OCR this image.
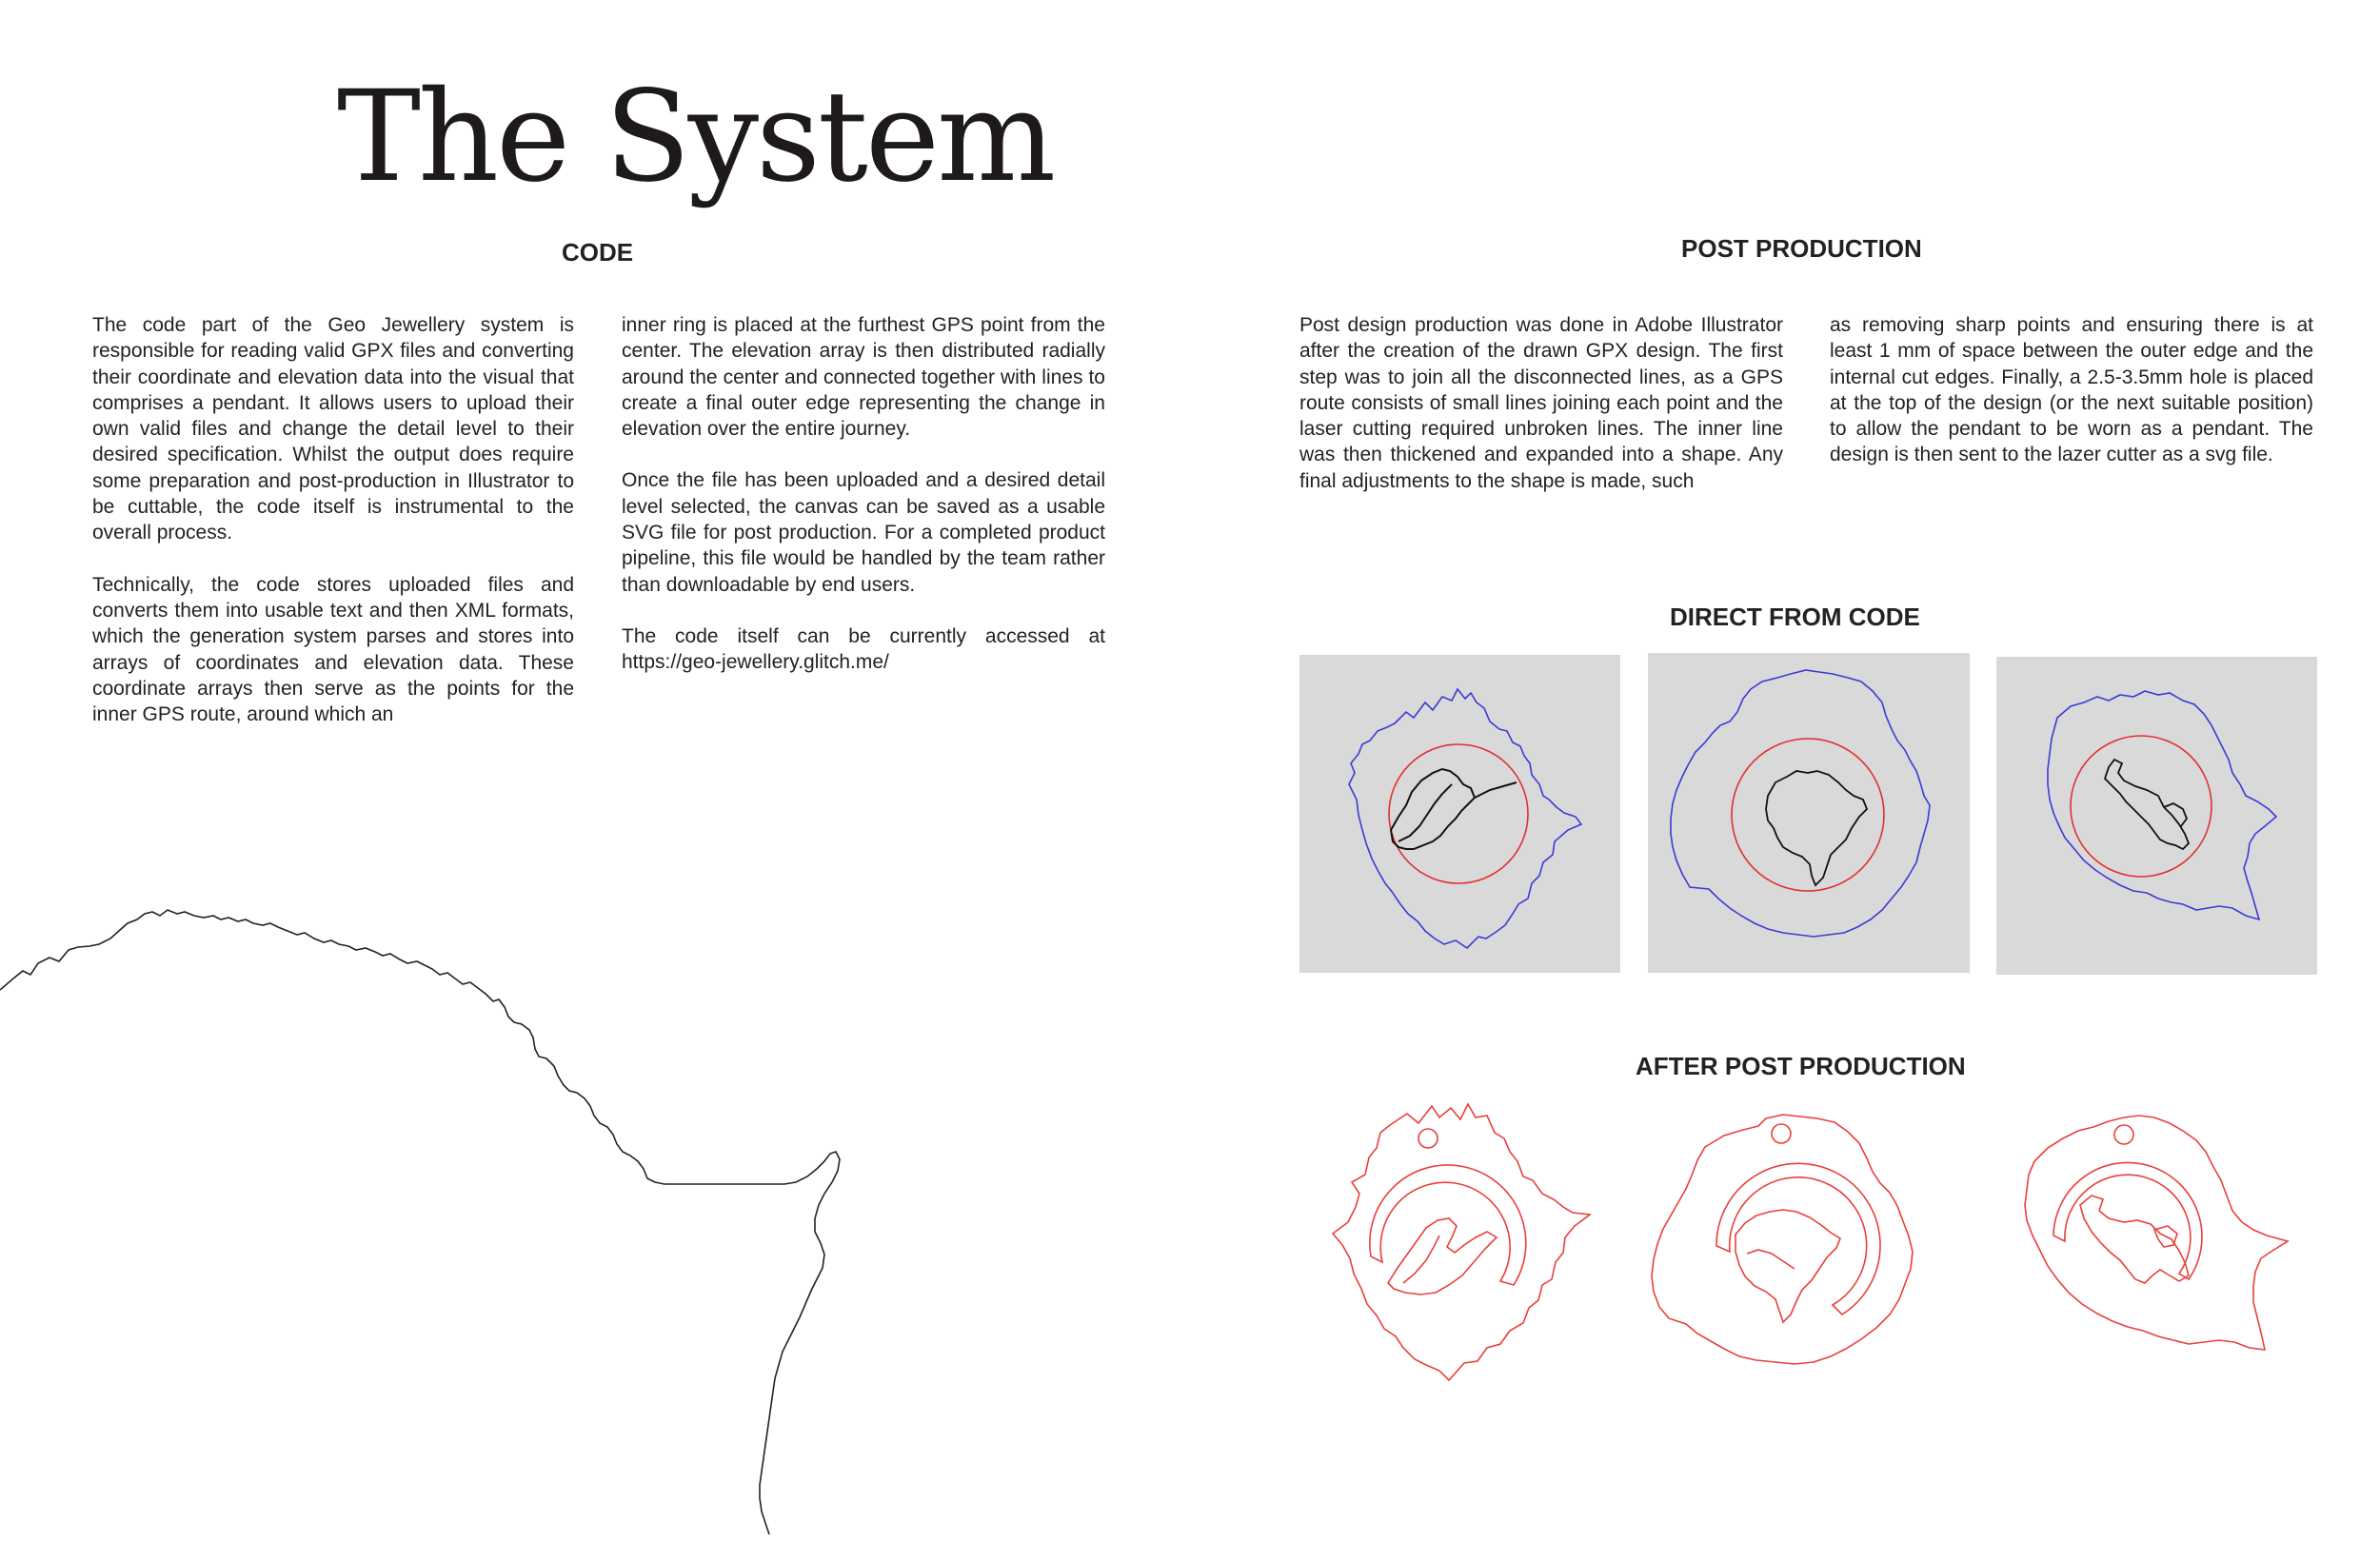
The System
CODE

The code part of the Geo Jewellery system is responsible for reading valid GPX files and converting their coordinate and elevation data into the visual that comprises a pendant. It allows users to upload their own valid files and change the detail level to their desired specification. Whilst the output does require some preparation and post-production in Illustrator to be cuttable, the code itself is instrumental to the overall process.

Technically, the code stores uploaded files and converts them into usable text and then XML formats, which the generation system parses and stores into arrays of coordinates and elevation data. These coordinate arrays then serve as the points for the inner GPS route, around which an

inner ring is placed at the furthest GPS point from the center. The elevation array is then distributed radially around the center and connected together with lines to create a final outer edge representing the change in elevation over the entire journey.

Once the file has been uploaded and a desired detail level selected, the canvas can be saved as a usable SVG file for post production. For a completed product pipeline, this file would be handled by the team rather than downloadable by end users.

The code itself can be currently accessed at https://geo-jewellery.glitch.me/

POST PRODUCTION

Post design production was done in Adobe Illustrator after the creation of the drawn GPX design. The first step was to join all the disconnected lines, as a GPS route consists of small lines joining each point and the laser cutting required unbroken lines. The inner line was then thickened and expanded into a shape. Any final adjustments to the shape is made, such

as removing sharp points and ensuring there is at least 1 mm of space between the outer edge and the internal cut edges. Finally, a 2.5-3.5mm hole is placed at the top of the design (or the next suitable position) to allow the pendant to be worn as a pendant. The design is then sent to the lazer cutter as a svg file.

DIRECT FROM CODE
AFTER POST PRODUCTION
